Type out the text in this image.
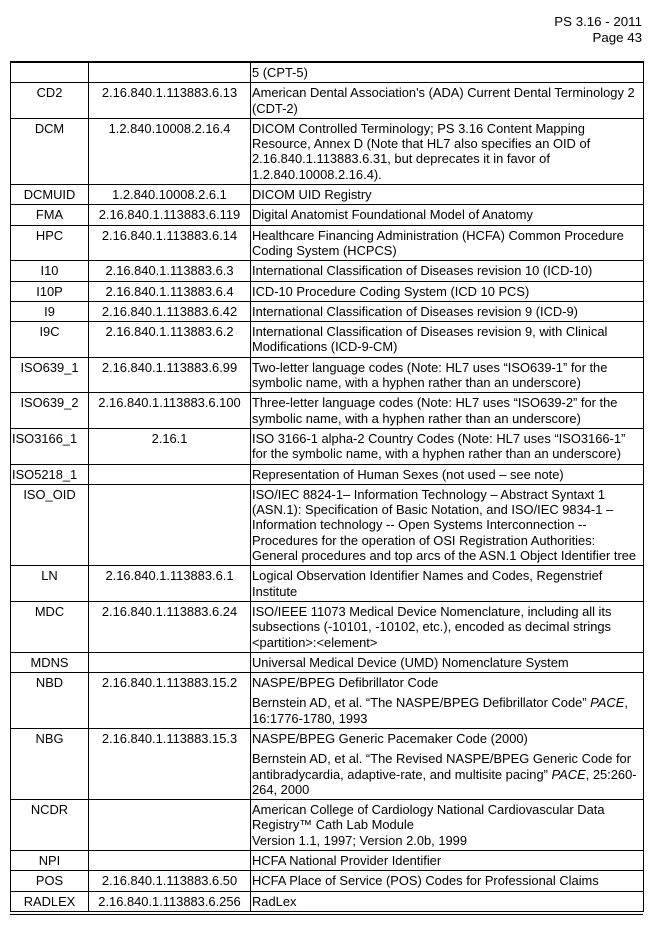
PS 3.16 - 2011
Page 43

		5 (CPT-5)

CD2	2.16.840.1.113883.6.13	American Dental Association's (ADA) Current Dental Terminology 2 (CDT-2)

DCM	1.2.840.10008.2.16.4	DICOM Controlled Terminology; PS 3.16 Content Mapping Resource, Annex D (Note that HL7 also specifies an OID of 2.16.840.1.113883.6.31, but deprecates it in favor of 1.2.840.10008.2.16.4).

DCMUID	1.2.840.10008.2.6.1	DICOM UID Registry

FMA	2.16.840.1.113883.6.119	Digital Anatomist Foundational Model of Anatomy

HPC	2.16.840.1.113883.6.14	Healthcare Financing Administration (HCFA) Common Procedure Coding System (HCPCS)

I10	2.16.840.1.113883.6.3	International Classification of Diseases revision 10 (ICD-10)

I10P	2.16.840.1.113883.6.4	ICD-10 Procedure Coding System (ICD 10 PCS)

I9	2.16.840.1.113883.6.42	International Classification of Diseases revision 9 (ICD-9)

I9C	2.16.840.1.113883.6.2	International Classification of Diseases revision 9, with Clinical Modifications (ICD-9-CM)

ISO639_1	2.16.840.1.113883.6.99	Two-letter language codes (Note: HL7 uses “ISO639-1” for the symbolic name, with a hyphen rather than an underscore)

ISO639_2	2.16.840.1.113883.6.100	Three-letter language codes (Note: HL7 uses “ISO639-2” for the symbolic name, with a hyphen rather than an underscore)

ISO3166_1	2.16.1	ISO 3166-1 alpha-2 Country Codes (Note: HL7 uses “ISO3166-1” for the symbolic name, with a hyphen rather than an underscore)

ISO5218_1		Representation of Human Sexes (not used – see note)

ISO_OID		ISO/IEC 8824-1– Information Technology – Abstract Syntaxt 1 (ASN.1): Specification of Basic Notation, and ISO/IEC 9834-1 – Information technology -- Open Systems Interconnection -- Procedures for the operation of OSI Registration Authorities: General procedures and top arcs of the ASN.1 Object Identifier tree

LN	2.16.840.1.113883.6.1	Logical Observation Identifier Names and Codes, Regenstrief Institute

MDC	2.16.840.1.113883.6.24	ISO/IEEE 11073 Medical Device Nomenclature, including all its subsections (-10101, -10102, etc.), encoded as decimal strings <partition>:<element>

MDNS		Universal Medical Device (UMD) Nomenclature System

NBD	2.16.840.1.113883.15.2	NASPE/BPEG Defibrillator Code

Bernstein AD, et al. “The NASPE/BPEG Defibrillator Code” PACE, 16:1776-1780, 1993

NBG	2.16.840.1.113883.15.3	NASPE/BPEG Generic Pacemaker Code (2000)

Bernstein AD, et al. “The Revised NASPE/BPEG Generic Code for antibradycardia, adaptive-rate, and multisite pacing” PACE, 25:260-264, 2000

NCDR		American College of Cardiology National Cardiovascular Data Registry™ Cath Lab Module
Version 1.1, 1997; Version 2.0b, 1999

NPI		HCFA National Provider Identifier

POS	2.16.840.1.113883.6.50	HCFA Place of Service (POS) Codes for Professional Claims

RADLEX	2.16.840.1.113883.6.256	RadLex
